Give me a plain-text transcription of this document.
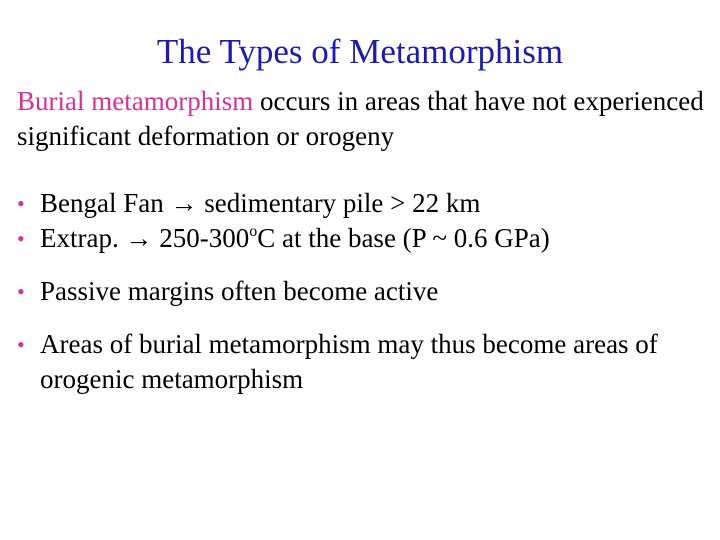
The Types of Metamorphism

Burial metamorphism occurs in areas that have not experienced significant deformation or orogeny

• Bengal Fan → sedimentary pile > 22 km
• Extrap. → $250-300^oC$ at the base (P ~ 0.6 GPa)
• Passive margins often become active
• Areas of burial metamorphism may thus become areas of orogenic metamorphism
